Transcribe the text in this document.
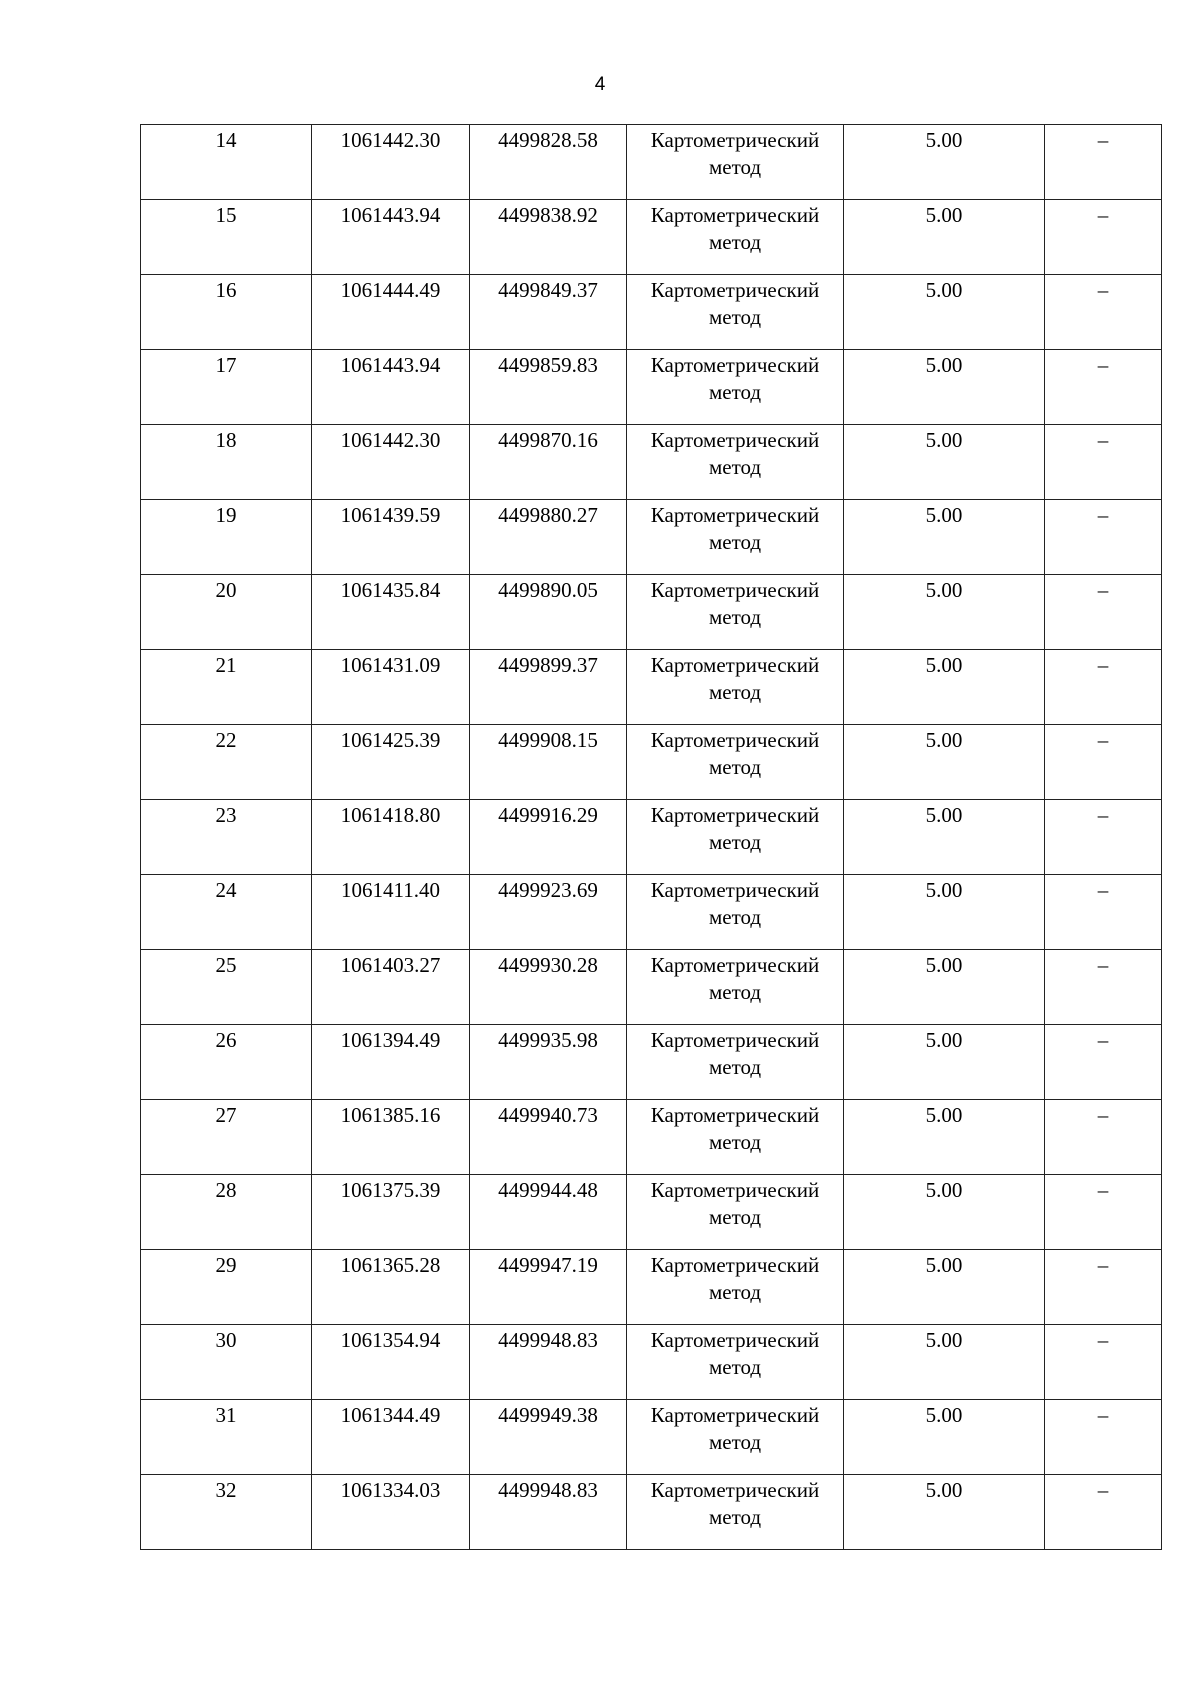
4
14	1061442.30	4499828.58	Картометрический метод	5.00	–
15	1061443.94	4499838.92	Картометрический метод	5.00	–
16	1061444.49	4499849.37	Картометрический метод	5.00	–
17	1061443.94	4499859.83	Картометрический метод	5.00	–
18	1061442.30	4499870.16	Картометрический метод	5.00	–
19	1061439.59	4499880.27	Картометрический метод	5.00	–
20	1061435.84	4499890.05	Картометрический метод	5.00	–
21	1061431.09	4499899.37	Картометрический метод	5.00	–
22	1061425.39	4499908.15	Картометрический метод	5.00	–
23	1061418.80	4499916.29	Картометрический метод	5.00	–
24	1061411.40	4499923.69	Картометрический метод	5.00	–
25	1061403.27	4499930.28	Картометрический метод	5.00	–
26	1061394.49	4499935.98	Картометрический метод	5.00	–
27	1061385.16	4499940.73	Картометрический метод	5.00	–
28	1061375.39	4499944.48	Картометрический метод	5.00	–
29	1061365.28	4499947.19	Картометрический метод	5.00	–
30	1061354.94	4499948.83	Картометрический метод	5.00	–
31	1061344.49	4499949.38	Картометрический метод	5.00	–
32	1061334.03	4499948.83	Картометрический метод	5.00	–
